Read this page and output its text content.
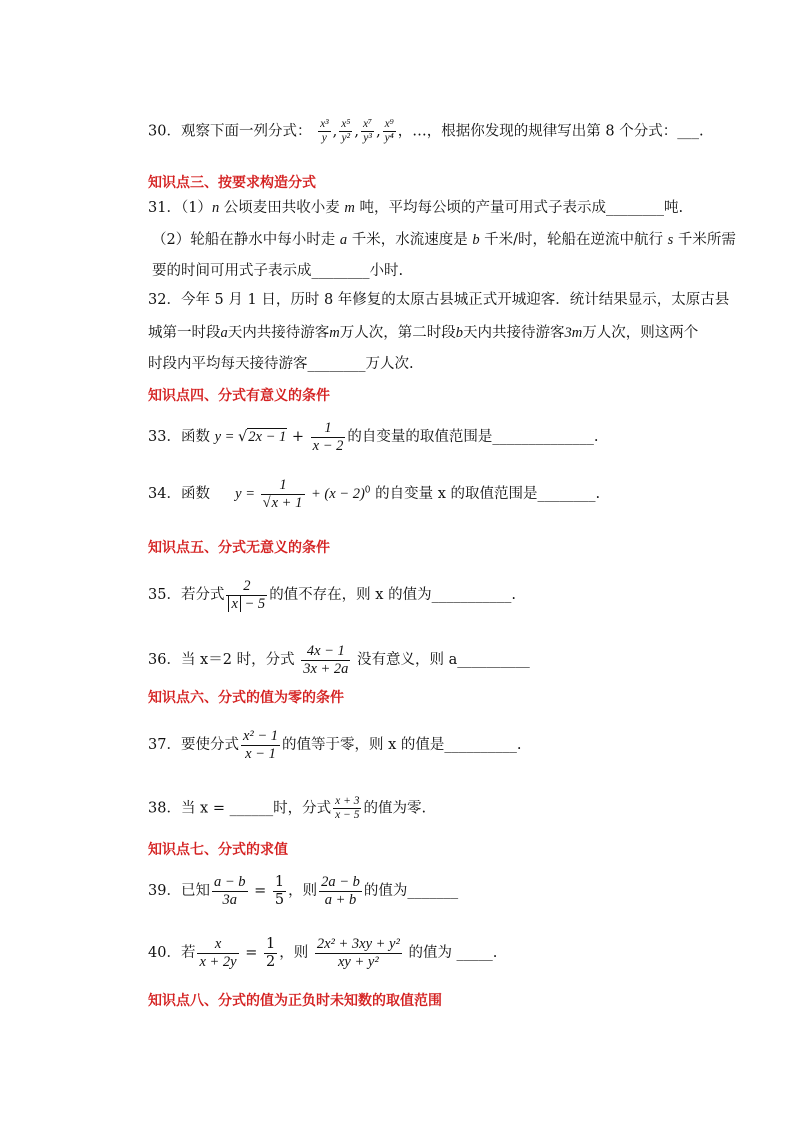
30．观察下面一列分式： $\frac{\text{x³}}{y}$ , $\frac{\text{x⁵}}{\text{y²}}$ , $\frac{\text{x⁷}}{\text{y³}}$ , $\frac{\text{x⁹}}{\text{y⁴}}$ ，…，根据你发现的规律写出第 8 个分式：___.
知识点三、按要求构造分式
31．（1）n 公顷麦田共收小麦 m 吨，平均每公顷的产量可用式子表示成________吨.
（2）轮船在静水中每小时走 a 千米，水流速度是 b 千米/时，轮船在逆流中航行 s 千米所需
要的时间可用式子表示成________小时.
32．今年 5 月 1 日，历时 8 年修复的太原古县城正式开城迎客．统计结果显示，太原古县
城第一时段a天内共接待游客m万人次，第二时段b天内共接待游客3m万人次，则这两个
时段内平均每天接待游客________万人次.
知识点四、分式有意义的条件
33．函数 $y = √2x - 1 + \frac{1}{x - 2}$ 的自变量的取值范围是______________.
34．函数 $y = \frac{1}{√x + 1} + (x - 2)^0$ 的自变量 x 的取值范围是________.
知识点五、分式无意义的条件
35．若分式 $\frac{2}{x - 5}$ 的值不存在，则 x 的值为___________.
36．当 x＝2 时，分式 $\frac{4x - 1}{3x + 2a}$ 没有意义，则 a__________
知识点六、分式的值为零的条件
37．要使分式 $\frac{\text{x² − 1}}{x - 1}$ 的值等于零，则 x 的值是__________.
38．当 x = ______时，分式 $\frac{x + 3}{x - 5}$ 的值为零.
知识点七、分式的求值
39．已知 $\frac{a - b}{3a} = \frac{1}{5}$ ，则 $\frac{2a - b}{a + b}$ 的值为_______
40．若 $\frac{x}{x + 2y} = \frac{1}{2}$ ，则 $\frac{\text{2x² + 3xy + y²}}{\text{xy + y²}}$ 的值为 _____.
知识点八、分式的值为正负时未知数的取值范围
